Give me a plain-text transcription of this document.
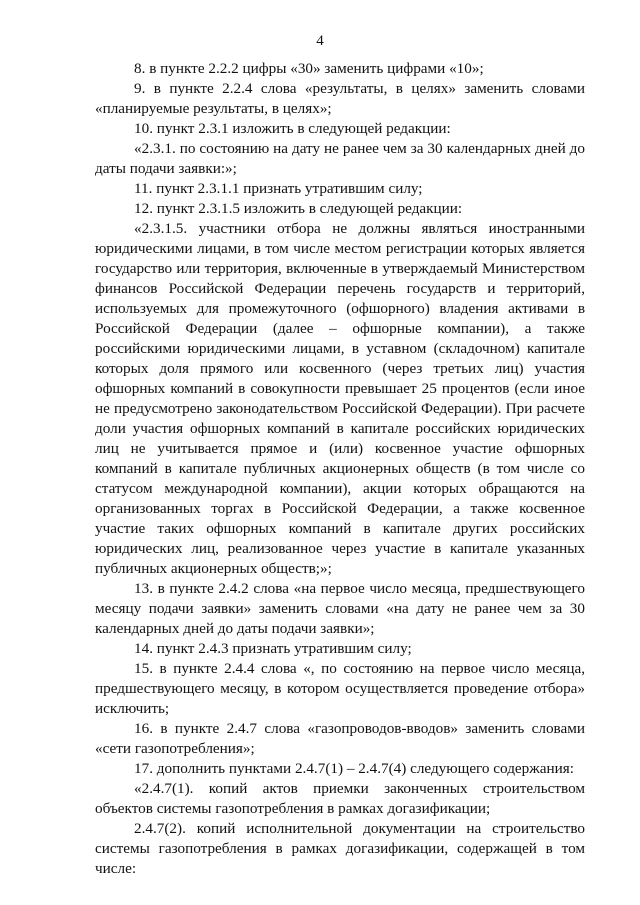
4

8. в пункте 2.2.2 цифры «30» заменить цифрами «10»;

9. в пункте 2.2.4 слова «результаты, в целях» заменить словами «планируемые результаты, в целях»;

10. пункт 2.3.1 изложить в следующей редакции:

«2.3.1. по состоянию на дату не ранее чем за 30 календарных дней до даты подачи заявки:»;

11. пункт 2.3.1.1 признать утратившим силу;

12. пункт 2.3.1.5 изложить в следующей редакции:

«2.3.1.5. участники отбора не должны являться иностранными юридическими лицами, в том числе местом регистрации которых является государство или территория, включенные в утверждаемый Министерством финансов Российской Федерации перечень государств и территорий, используемых для промежуточного (офшорного) владения активами в Российской Федерации (далее – офшорные компании), а также российскими юридическими лицами, в уставном (складочном) капитале которых доля прямого или косвенного (через третьих лиц) участия офшорных компаний в совокупности превышает 25 процентов (если иное не предусмотрено законодательством Российской Федерации). При расчете доли участия офшорных компаний в капитале российских юридических лиц не учитывается прямое и (или) косвенное участие офшорных компаний в капитале публичных акционерных обществ (в том числе со статусом международной компании), акции которых обращаются на организованных торгах в Российской Федерации, а также косвенное участие таких офшорных компаний в капитале других российских юридических лиц, реализованное через участие в капитале указанных публичных акционерных обществ;»;

13. в пункте 2.4.2 слова «на первое число месяца, предшествующего месяцу подачи заявки» заменить словами «на дату не ранее чем за 30 календарных дней до даты подачи заявки»;

14. пункт 2.4.3 признать утратившим силу;

15. в пункте 2.4.4 слова «, по состоянию на первое число месяца, предшествующего месяцу, в котором осуществляется проведение отбора» исключить;

16. в пункте 2.4.7 слова «газопроводов-вводов» заменить словами «сети газопотребления»;

17. дополнить пунктами 2.4.7(1) – 2.4.7(4) следующего содержания:

«2.4.7(1). копий актов приемки законченных строительством объектов системы газопотребления в рамках догазификации;

2.4.7(2). копий исполнительной документации на строительство системы газопотребления в рамках догазификации, содержащей в том числе:
